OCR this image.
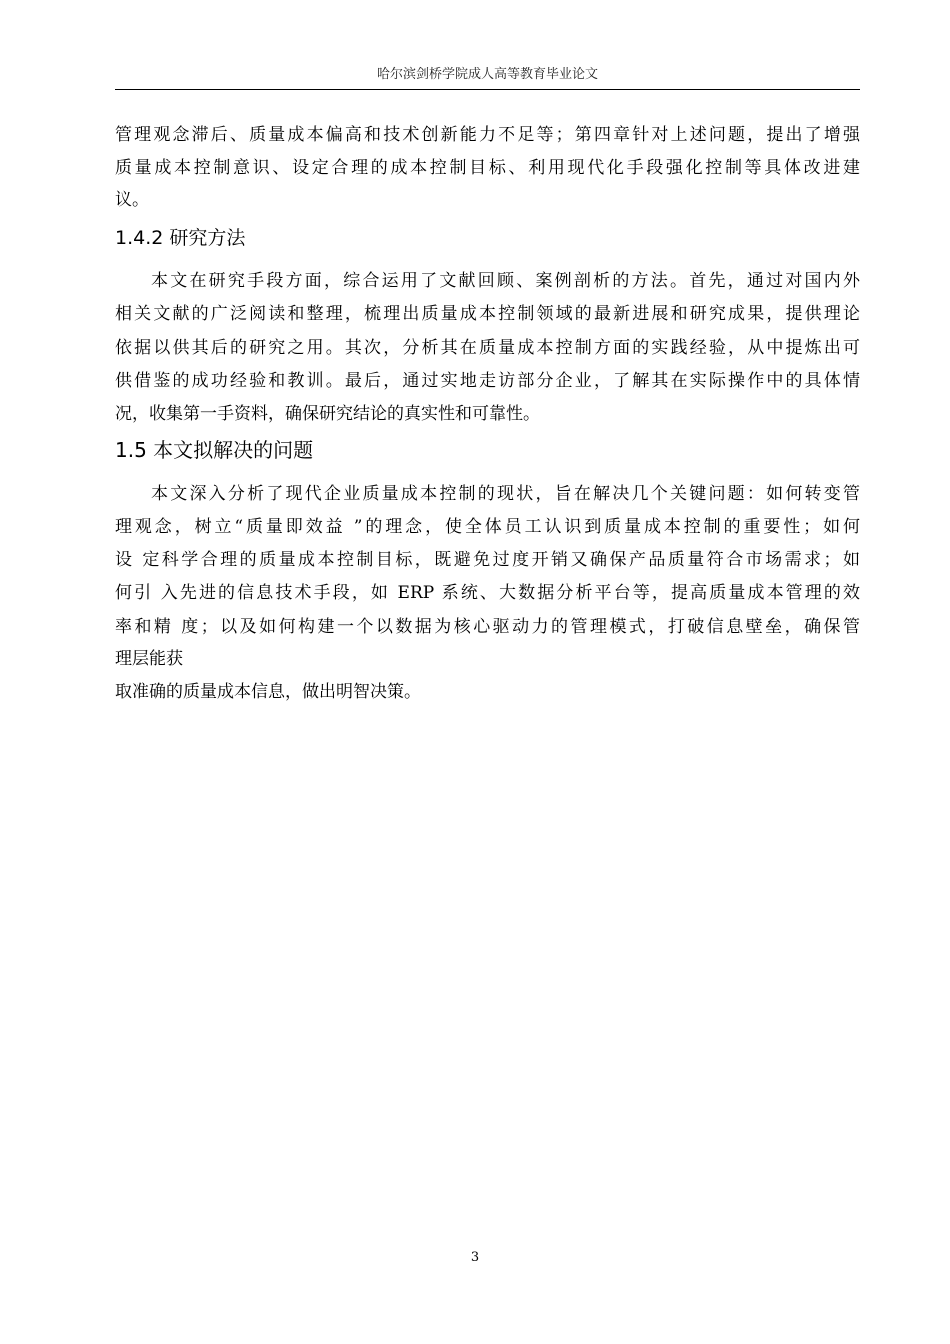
哈尔滨剑桥学院成人高等教育毕业论文
管理观念滞后、质量成本偏高和技术创新能力不足等；第四章针对上述问题，提出了增强
质量成本控制意识、设定合理的成本控制目标、利用现代化手段强化控制等具体改进建
议。
1.4.2 研究方法
本文在研究手段方面，综合运用了文献回顾、案例剖析的方法。首先，通过对国内外
相关文献的广泛阅读和整理，梳理出质量成本控制领域的最新进展和研究成果，提供理论
依据以供其后的研究之用。其次，分析其在质量成本控制方面的实践经验，从中提炼出可
供借鉴的成功经验和教训。最后，通过实地走访部分企业，了解其在实际操作中的具体情
况，收集第一手资料，确保研究结论的真实性和可靠性。
1.5 本文拟解决的问题
本文深入分析了现代企业质量成本控制的现状，旨在解决几个关键问题：如何转变管
理观念，树立“质量即效益 ”的理念，使全体员工认识到质量成本控制的重要性；如何
设 定科学合理的质量成本控制目标，既避免过度开销又确保产品质量符合市场需求；如
何引 入先进的信息技术手段，如 ERP 系统、大数据分析平台等，提高质量成本管理的效
率和精 度；以及如何构建一个以数据为核心驱动力的管理模式，打破信息壁垒，确保管
理层能获
取准确的质量成本信息，做出明智决策。
3
